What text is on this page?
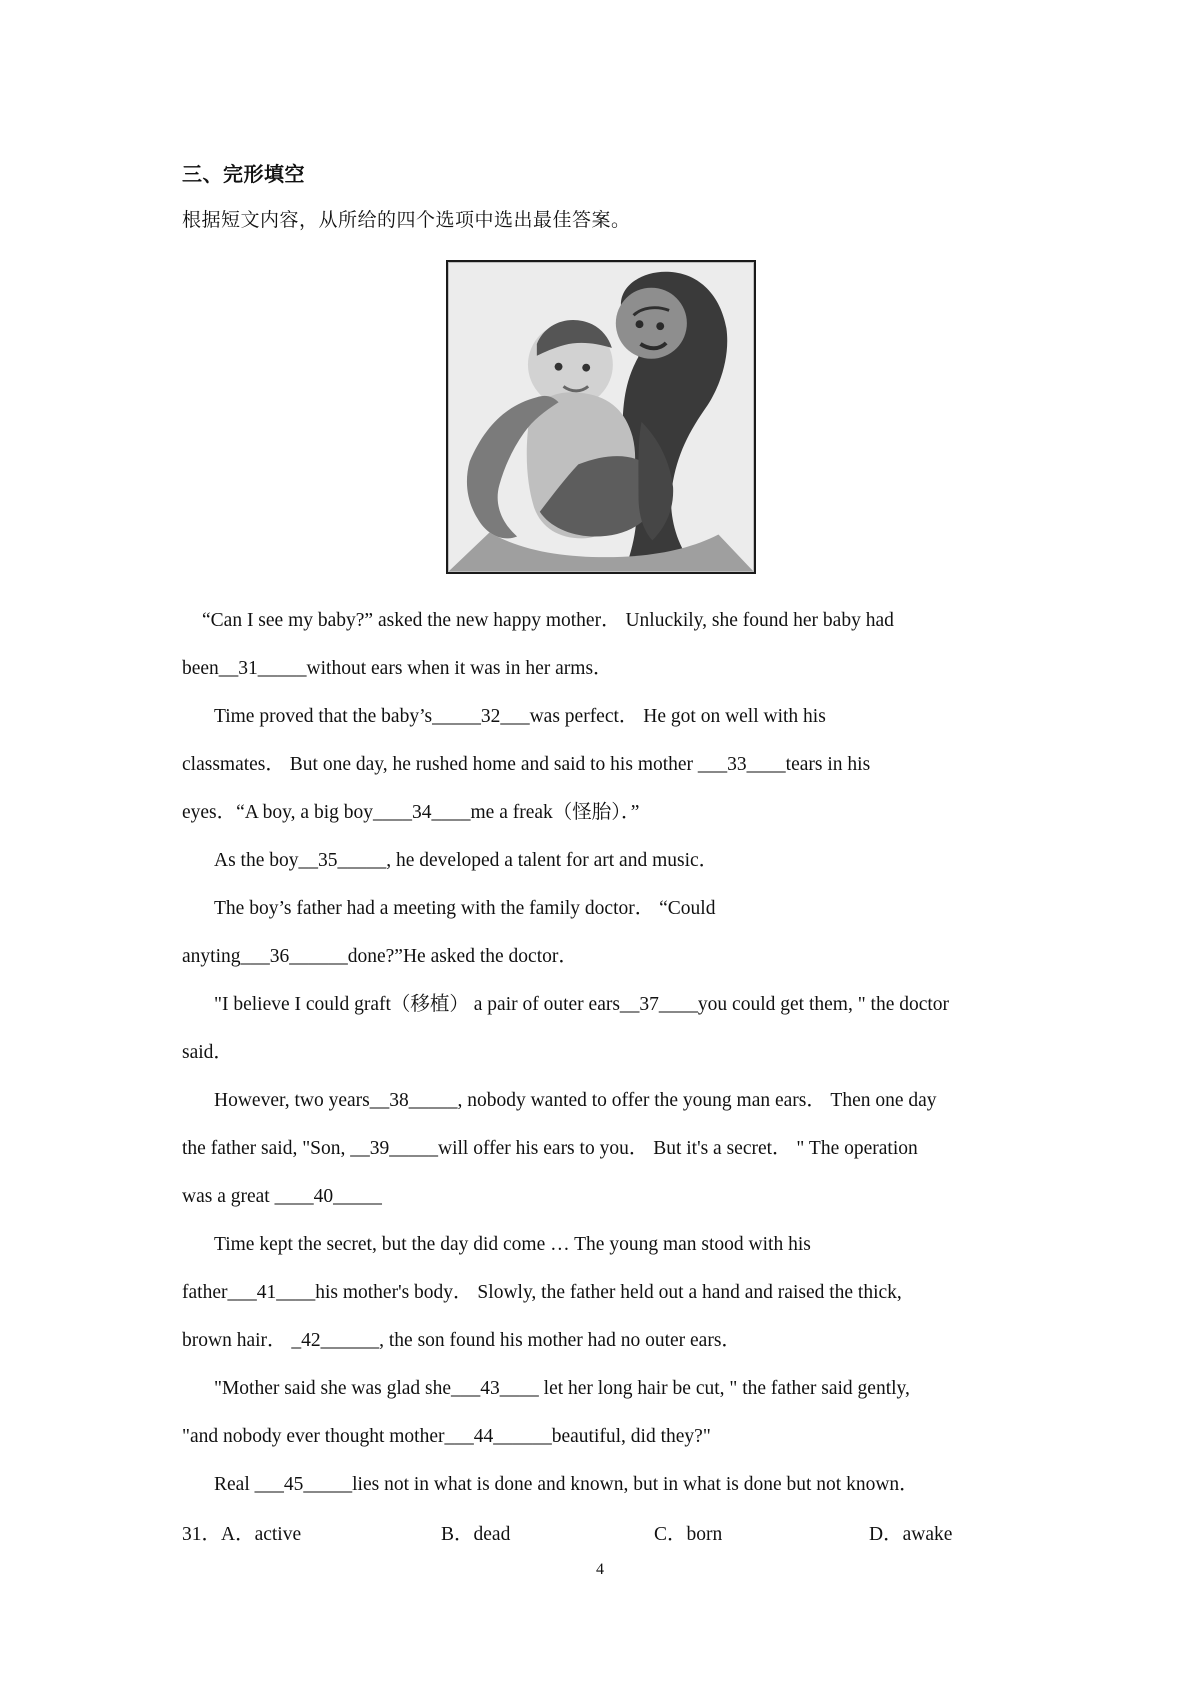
三、完形填空
根据短文内容，从所给的四个选项中选出最佳答案。
“Can I see my baby?” asked the new happy mother． Unluckily, she found her baby had
been__31_____without ears when it was in her arms．
Time proved that the baby’s_____32___was perfect． He got on well with his
classmates． But one day, he rushed home and said to his mother ___33____tears in his
eyes．“A boy, a big boy____34____me a freak（怪胎）．”
As the boy__35_____, he developed a talent for art and music．
The boy’s father had a meeting with the family doctor． “Could
anyting___36______done?”He asked the doctor．
"I believe I could graft（移植） a pair of outer ears__37____you could get them, " the doctor
said．
However, two years__38_____, nobody wanted to offer the young man ears． Then one day
the father said, "Son, __39_____will offer his ears to you． But it's a secret． " The operation
was a great ____40_____
Time kept the secret, but the day did come … The young man stood with his
father___41____his mother's body． Slowly, the father held out a hand and raised the thick,
brown hair． _42______, the son found his mother had no outer ears．
"Mother said she was glad she___43____ let her long hair be cut, " the father said gently,
"and nobody ever thought mother___44______beautiful, did they?"
Real ___45_____lies not in what is done and known, but in what is done but not known．
31．A．active	B．dead	C．born	D．awake
4
